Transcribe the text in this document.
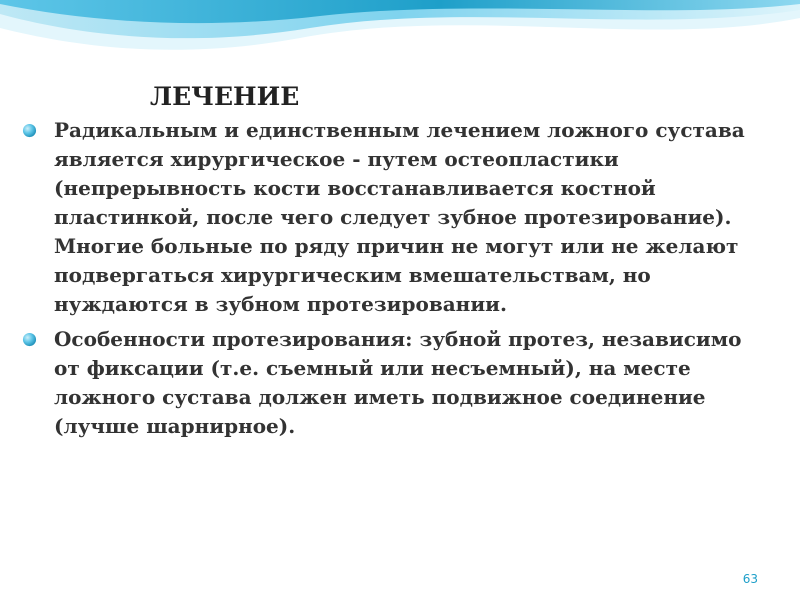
ЛЕЧЕНИЕ
Радикальным и единственным лечением ложного сустава является хирургическое - путем остеопластики (непрерывность кости восстанавливается костной пластинкой, после чего следует зубное протезирование). Многие больные по ряду причин не могут или не желают подвергаться хирургическим вмешательствам, но нуждаются в зубном протезировании.
Особенности протезирования: зубной протез, независимо от фиксации (т.е. съемный или несъемный), на месте ложного сустава должен иметь подвижное соединение (лучше шарнирное).

63
